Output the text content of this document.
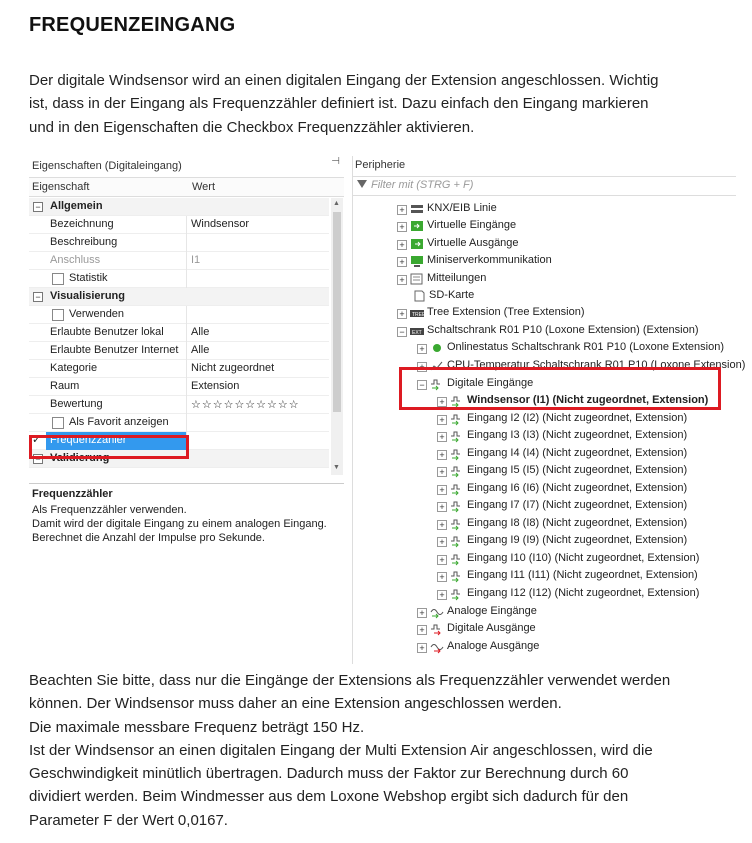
FREQUENZEINGANG
Der digitale Windsensor wird an einen digitalen Eingang der Extension angeschlossen. Wichtig
ist, dass in der Eingang als Frequenzzähler definiert ist. Dazu einfach den Eingang markieren
und in den Eigenschaften die Checkbox Frequenzzähler aktivieren.
Eigenschaften (Digitaleingang)	⊣
Eigenschaft	Wert
− Allgemein
Bezeichnung	Windsensor
Beschreibung
Anschluss	I1
Statistik
− Visualisierung
Verwenden
Erlaubte Benutzer lokal Alle
Erlaubte Benutzer Internet Alle
Kategorie	Nicht zugeordnet
Raum	Extension
Bewertung	☆☆☆☆☆☆☆☆☆☆
Als Favorit anzeigen
✓ Frequenzzähler
− Validierung
▲
▼
Frequenzzähler
Als Frequenzzähler verwenden.
Damit wird der digitale Eingang zu einem analogen Eingang.
Berechnet die Anzahl der Impulse pro Sekunde.
Peripherie
Filter mit (STRG + F)
+ KNX/EIB Linie
+ Virtuelle Eingänge
+ Virtuelle Ausgänge
+ Miniserverkommunikation
+ Mitteilungen
SD-Karte
+	TREE Tree Extension (Tree Extension)
−	EXT Schaltschrank R01 P10 (Loxone Extension) (Extension)
+ Onlinestatus Schaltschrank R01 P10 (Loxone Extension)
+ CPU-Temperatur Schaltschrank R01 P10 (Loxone Extension)
− Digitale Eingänge
+ Windsensor (I1) (Nicht zugeordnet, Extension)
+ Eingang I2 (I2) (Nicht zugeordnet, Extension)
+ Eingang I3 (I3) (Nicht zugeordnet, Extension)
+ Eingang I4 (I4) (Nicht zugeordnet, Extension)
+ Eingang I5 (I5) (Nicht zugeordnet, Extension)
+ Eingang I6 (I6) (Nicht zugeordnet, Extension)
+ Eingang I7 (I7) (Nicht zugeordnet, Extension)
+ Eingang I8 (I8) (Nicht zugeordnet, Extension)
+ Eingang I9 (I9) (Nicht zugeordnet, Extension)
+ Eingang I10 (I10) (Nicht zugeordnet, Extension)
+ Eingang I11 (I11) (Nicht zugeordnet, Extension)
+ Eingang I12 (I12) (Nicht zugeordnet, Extension)
+ Analoge Eingänge
+ Digitale Ausgänge
+ Analoge Ausgänge
Beachten Sie bitte, dass nur die Eingänge der Extensions als Frequenzzähler verwendet werden
können. Der Windsensor muss daher an eine Extension angeschlossen werden.
Die maximale messbare Frequenz beträgt 150 Hz.
Ist der Windsensor an einen digitalen Eingang der Multi Extension Air angeschlossen, wird die
Geschwindigkeit minütlich übertragen. Dadurch muss der Faktor zur Berechnung durch 60
dividiert werden. Beim Windmesser aus dem Loxone Webshop ergibt sich dadurch für den
Parameter F der Wert 0,0167.
